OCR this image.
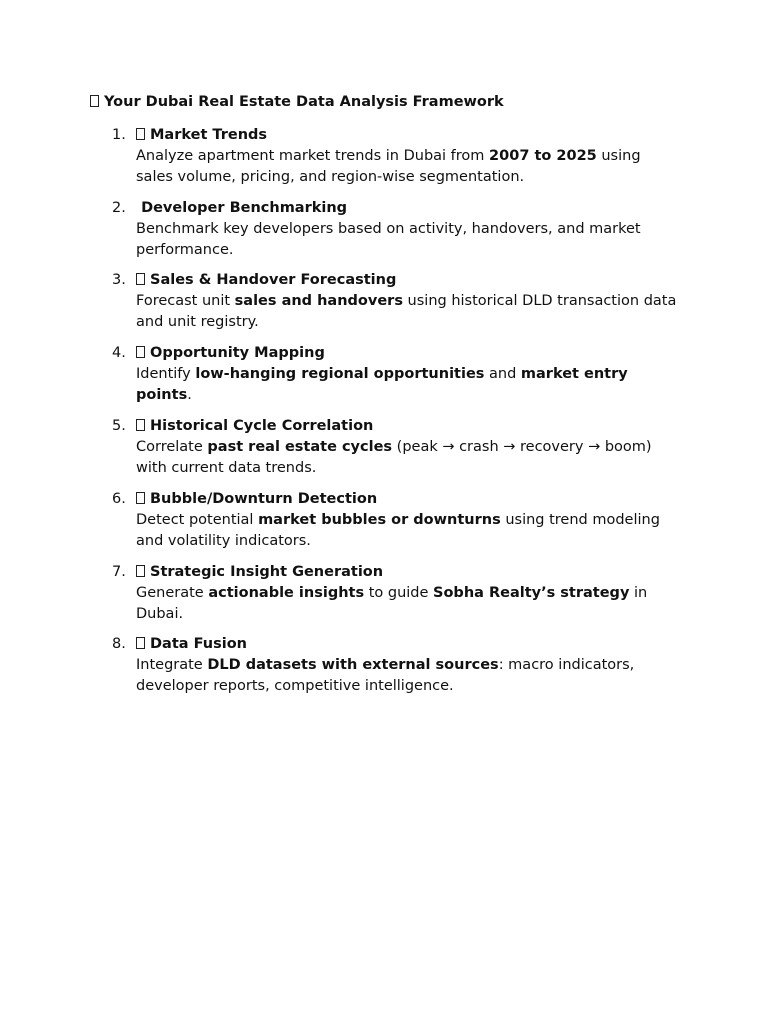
Your Dubai Real Estate Data Analysis Framework
1.	Market Trends
Analyze apartment market trends in Dubai from 2007 to 2025 using sales volume, pricing, and region-wise segmentation.
2.	Developer Benchmarking
Benchmark key developers based on activity, handovers, and market performance.
3.	Sales & Handover Forecasting
Forecast unit sales and handovers using historical DLD transaction data and unit registry.
4.	Opportunity Mapping
Identify low-hanging regional opportunities and market entry points.
5.	Historical Cycle Correlation
Correlate past real estate cycles (peak → crash → recovery → boom) with current data trends.
6.	Bubble/Downturn Detection
Detect potential market bubbles or downturns using trend modeling and volatility indicators.
7.	Strategic Insight Generation
Generate actionable insights to guide Sobha Realty’s strategy in Dubai.
8.	Data Fusion
Integrate DLD datasets with external sources: macro indicators, developer reports, competitive intelligence.
